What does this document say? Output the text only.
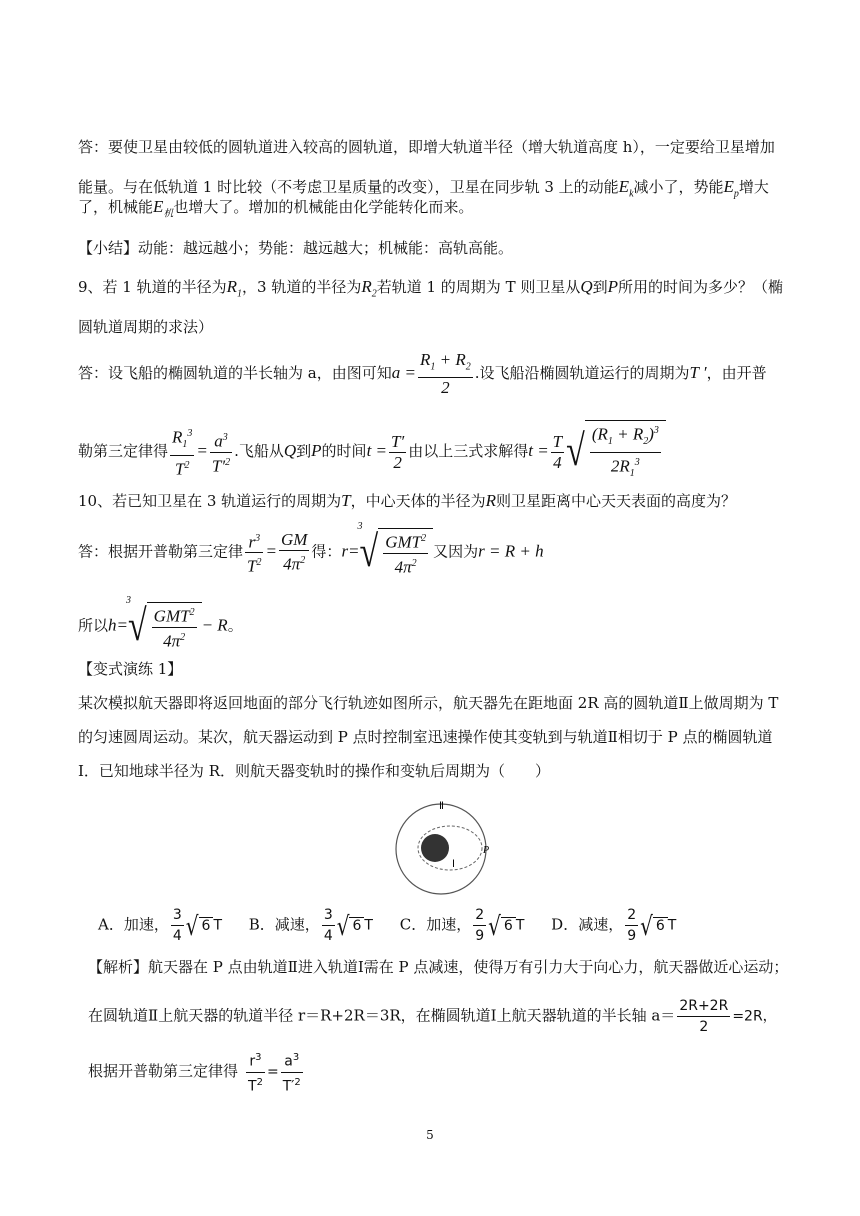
答：要使卫星由较低的圆轨道进入较高的圆轨道，即增大轨道半径（增大轨道高度 h），一定要给卫星增加
能量。与在低轨道 1 时比较（不考虑卫星质量的改变），卫星在同步轨 3 上的动能$E_k$减小了，势能$E_p$增大
了，机械能$E_机$也增大了。增加的机械能由化学能转化而来。
【小结】动能：越远越小；势能：越远越大；机械能：高轨高能。
9、若 1 轨道的半径为$R_1$，3 轨道的半径为$R_2$若轨道 1 的周期为 T 则卫星从Q到P所用的时间为多少？（椭
圆轨道周期的求法）
答：设飞船的椭圆轨道的半长轴为 a，由图可知$a = \frac{R_1 + R_2}{2}$ .设飞船沿椭圆轨道运行的周期为T ′，由开普
勒第三定律得 $\frac{R_1^3}{T^2} = \frac{a^3}{T'^2}$ .飞船从Q到P的时间$t = \frac{T'}{2}$ 由以上三式求解得$t = \frac{T}{4}$ √ $\frac{(R_1 + R_2)^3}{2R_1^3}$
10、若已知卫星在 3 轨道运行的周期为T，中心天体的半径为R则卫星距离中心天天表面的高度为？
答：根据开普勒第三定律 $\frac{r^3}{T^2} = \frac{GM}{4\pi^2}$ 得：r=
3
√ $\frac{GMT^2}{4\pi^2}$ 又因为r = R + h
所以h=
3
√ $\frac{GMT^2}{4\pi^2} - R$。
【变式演练 1】
某次模拟航天器即将返回地面的部分飞行轨迹如图所示，航天器先在距地面 2R 高的圆轨道Ⅱ上做周期为 T
的匀速圆周运动。某次，航天器运动到 P 点时控制室迅速操作使其变轨到与轨道Ⅱ相切于 P 点的椭圆轨道
I．已知地球半径为 R．则航天器变轨时的操作和变轨后周期为（　　）
Ⅱ
Ⅰ
P
A．加速， $\frac{3}{4}$ √ 6 T B．减速， $\frac{3}{4}$ √ 6 T C．加速， $\frac{2}{9}$ √ 6 T D．减速， $\frac{2}{9}$ √ 6 T
【解析】航天器在 P 点由轨道Ⅱ进入轨道Ⅰ需在 P 点减速，使得万有引力大于向心力，航天器做近心运动；
在圆轨道Ⅱ上航天器的轨道半径 r＝R+2R＝3R，在椭圆轨道Ⅰ上航天器轨道的半长轴 $a= \frac{2R+2R}{2} =2R$，
根据开普勒第三定律得 $\frac{r^3}{T^2} = \frac{a^3}{T'^2}$
5
